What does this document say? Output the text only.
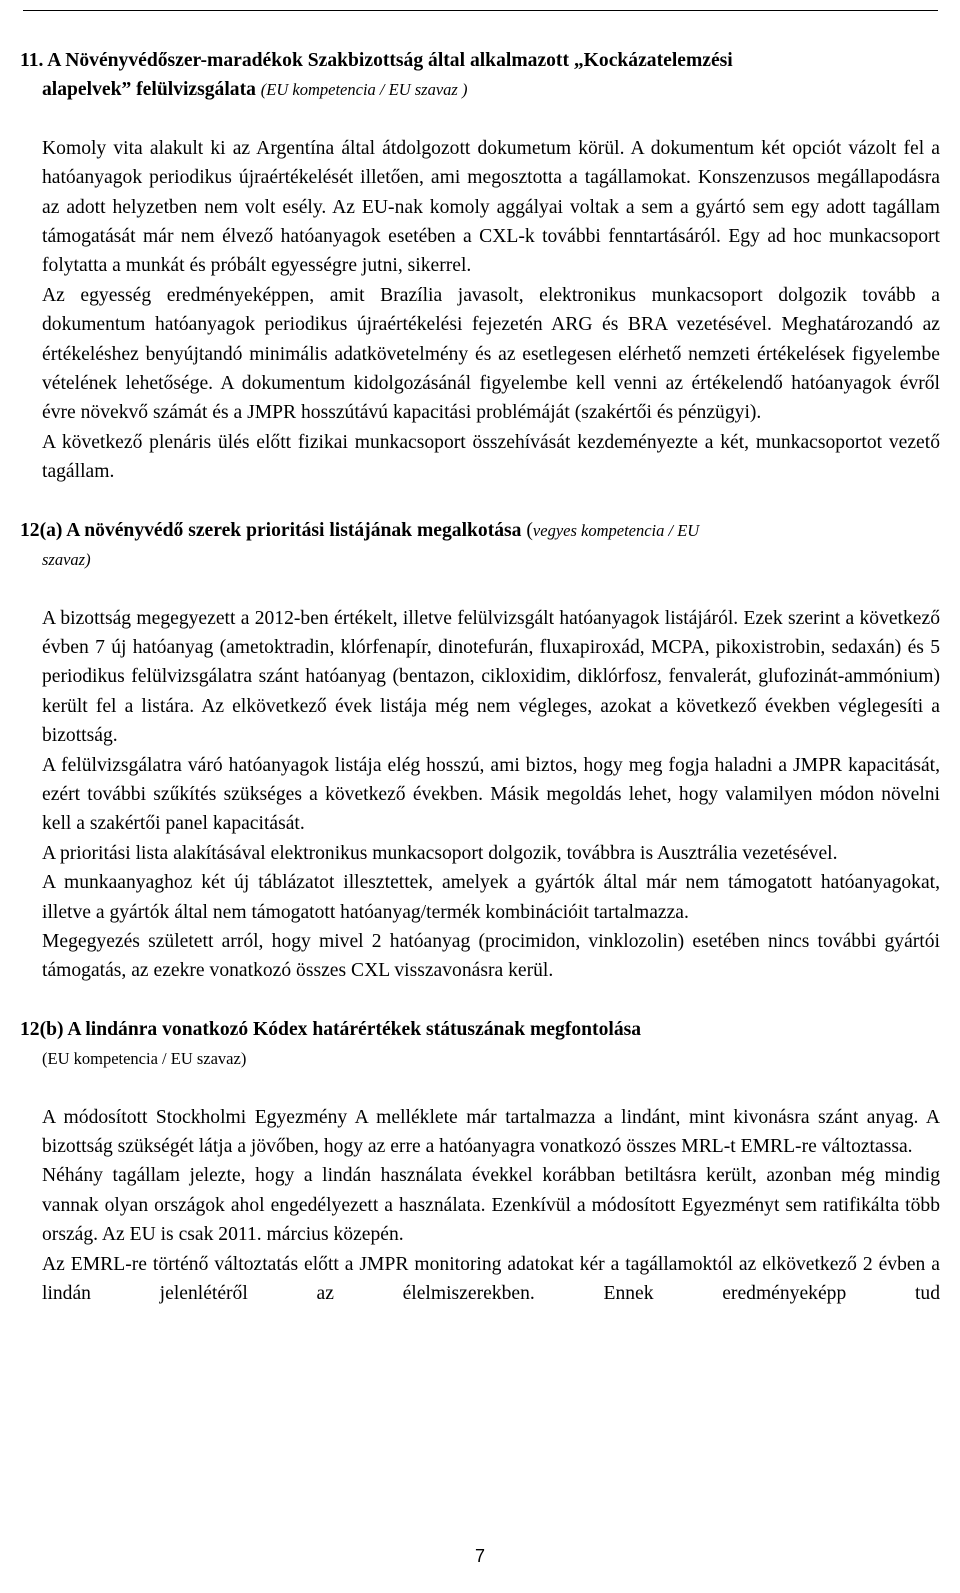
11. A Növényvédőszer-maradékok Szakbizottság által alkalmazott „Kockázatelemzési
alapelvek” felülvizsgálata (EU kompetencia / EU szavaz )

Komoly vita alakult ki az Argentína által átdolgozott dokumetum körül. A dokumentum két opciót vázolt fel a hatóanyagok periodikus újraértékelését illetően, ami megosztotta a tagállamokat. Konszenzusos megállapodásra az adott helyzetben nem volt esély. Az EU-nak komoly aggályai voltak a sem a gyártó sem egy adott tagállam támogatását már nem élvező hatóanyagok esetében a CXL-k további fenntartásáról. Egy ad hoc munkacsoport folytatta a munkát és próbált egyességre jutni, sikerrel.

Az egyesség eredményeképpen, amit Brazília javasolt, elektronikus munkacsoport dolgozik tovább a dokumentum hatóanyagok periodikus újraértékelési fejezetén ARG és BRA vezetésével. Meghatározandó az értékeléshez benyújtandó minimális adatkövetelmény és az esetlegesen elérhető nemzeti értékelések figyelembe vételének lehetősége. A dokumentum kidolgozásánál figyelembe kell venni az értékelendő hatóanyagok évről évre növekvő számát és a JMPR hosszútávú kapacitási problémáját (szakértői és pénzügyi).

A következő plenáris ülés előtt fizikai munkacsoport összehívását kezdeményezte a két, munkacsoportot vezető tagállam.

12(a) A növényvédő szerek prioritási listájának megalkotása (vegyes kompetencia / EU
szavaz)

A bizottság megegyezett a 2012-ben értékelt, illetve felülvizsgált hatóanyagok listájáról. Ezek szerint a következő évben 7 új hatóanyag (ametoktradin, klórfenapír, dinotefurán, fluxapiroxád, MCPA, pikoxistrobin, sedaxán) és 5 periodikus felülvizsgálatra szánt hatóanyag (bentazon, cikloxidim, diklórfosz, fenvalerát, glufozinát-ammónium) került fel a listára. Az elkövetkező évek listája még nem végleges, azokat a következő években véglegesíti a bizottság.

A felülvizsgálatra váró hatóanyagok listája elég hosszú, ami biztos, hogy meg fogja haladni a JMPR kapacitását, ezért további szűkítés szükséges a következő években. Másik megoldás lehet, hogy valamilyen módon növelni kell a szakértői panel kapacitását.

A prioritási lista alakításával elektronikus munkacsoport dolgozik, továbbra is Ausztrália vezetésével.

A munkaanyaghoz két új táblázatot illesztettek, amelyek a gyártók által már nem támogatott hatóanyagokat, illetve a gyártók által nem támogatott hatóanyag/termék kombinációit tartalmazza.

Megegyezés született arról, hogy mivel 2 hatóanyag (procimidon, vinklozolin) esetében nincs további gyártói támogatás, az ezekre vonatkozó összes CXL visszavonásra kerül.

12(b) A lindánra vonatkozó Kódex határértékek státuszának megfontolása
(EU kompetencia / EU szavaz)

A módosított Stockholmi Egyezmény A melléklete már tartalmazza a lindánt, mint kivonásra szánt anyag. A bizottság szükségét látja a jövőben, hogy az erre a hatóanyagra vonatkozó összes MRL-t EMRL-re változtassa.

Néhány tagállam jelezte, hogy a lindán használata évekkel korábban betiltásra került, azonban még mindig vannak olyan országok ahol engedélyezett a használata. Ezenkívül a módosított Egyezményt sem ratifikálta több ország. Az EU is csak 2011. március közepén.

Az EMRL-re történő változtatás előtt a JMPR monitoring adatokat kér a tagállamoktól az elkövetkező 2 évben a lindán jelenlétéről az élelmiszerekben. Ennek eredményeképp tud

7
